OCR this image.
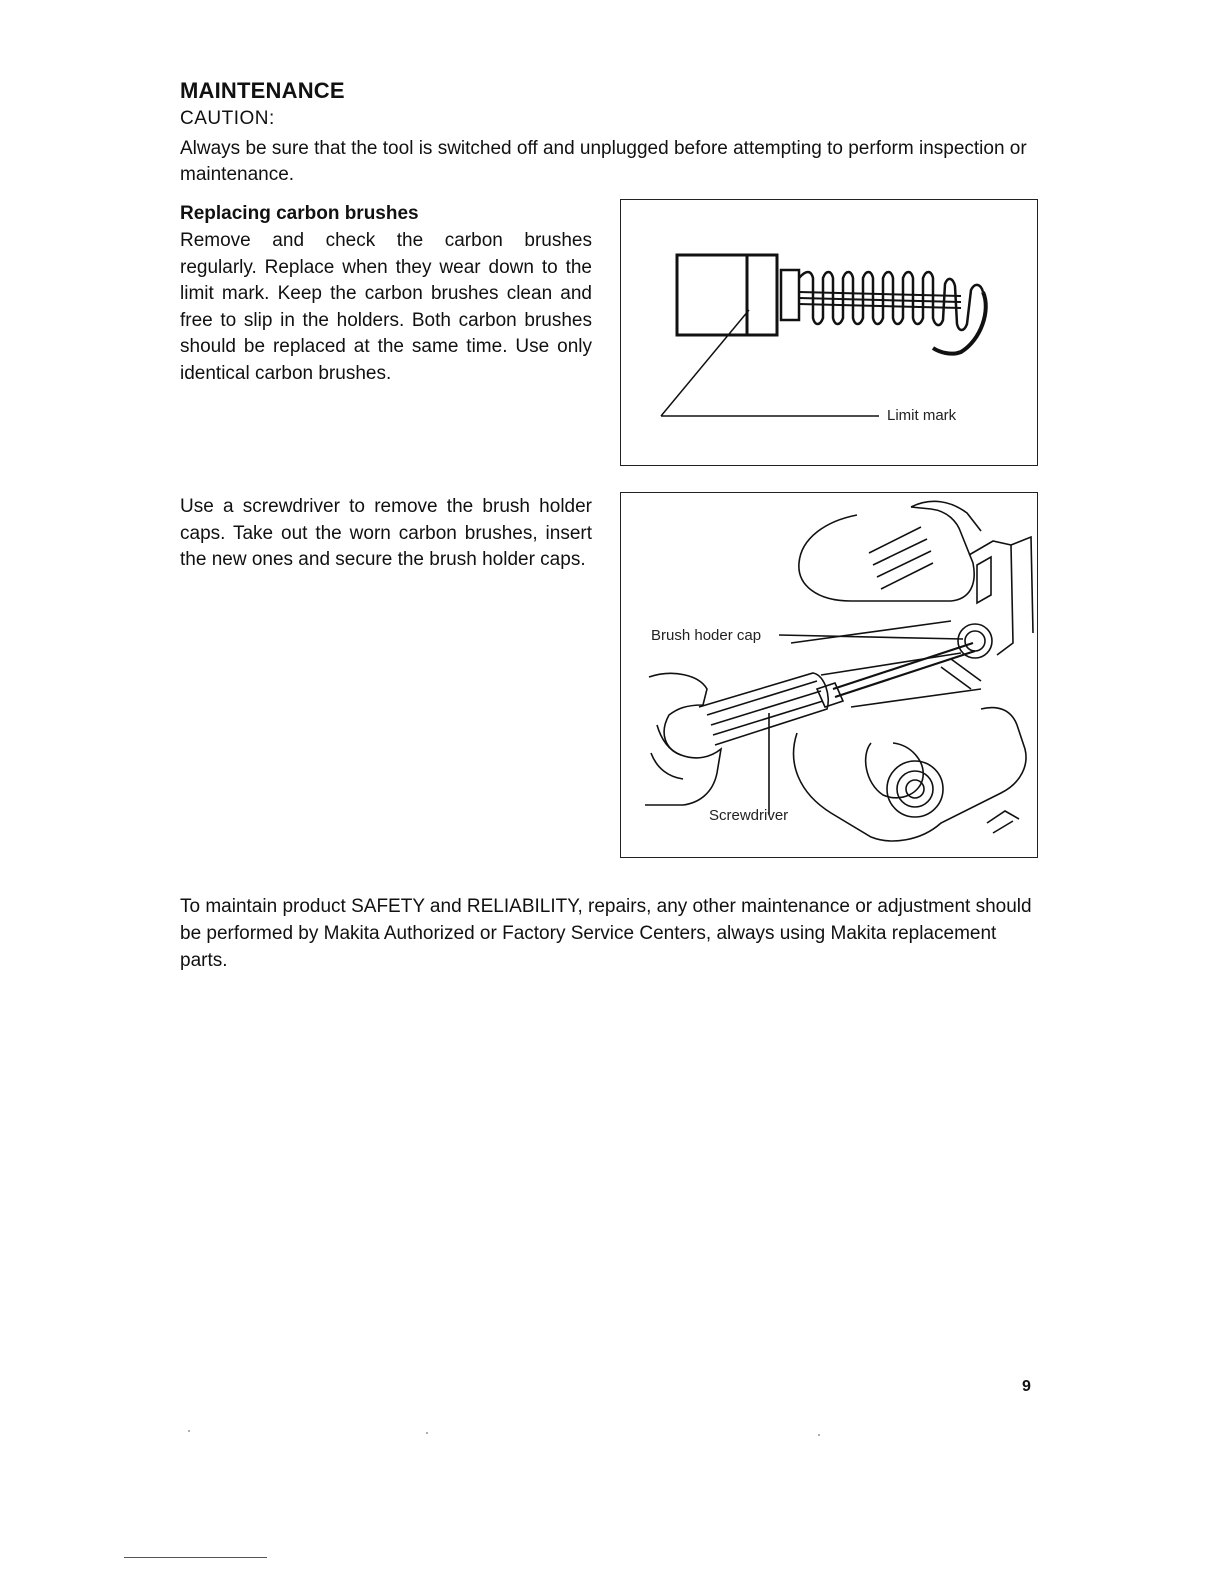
MAINTENANCE
CAUTION:
Always be sure that the tool is switched off and unplugged before attempting to perform inspection or maintenance.
Replacing carbon brushes
Remove and check the carbon brushes regularly. Replace when they wear down to the limit mark. Keep the carbon brushes clean and free to slip in the holders. Both carbon brushes should be replaced at the same time. Use only identical carbon brushes.
Use a screwdriver to remove the brush holder caps. Take out the worn carbon brushes, insert the new ones and secure the brush holder caps.
Limit mark
Brush hoder cap
Screwdriver
To maintain product SAFETY and RELIABILITY, repairs, any other maintenance or adjustment should be performed by Makita Authorized or Factory Service Centers, always using Makita replacement parts.
9
